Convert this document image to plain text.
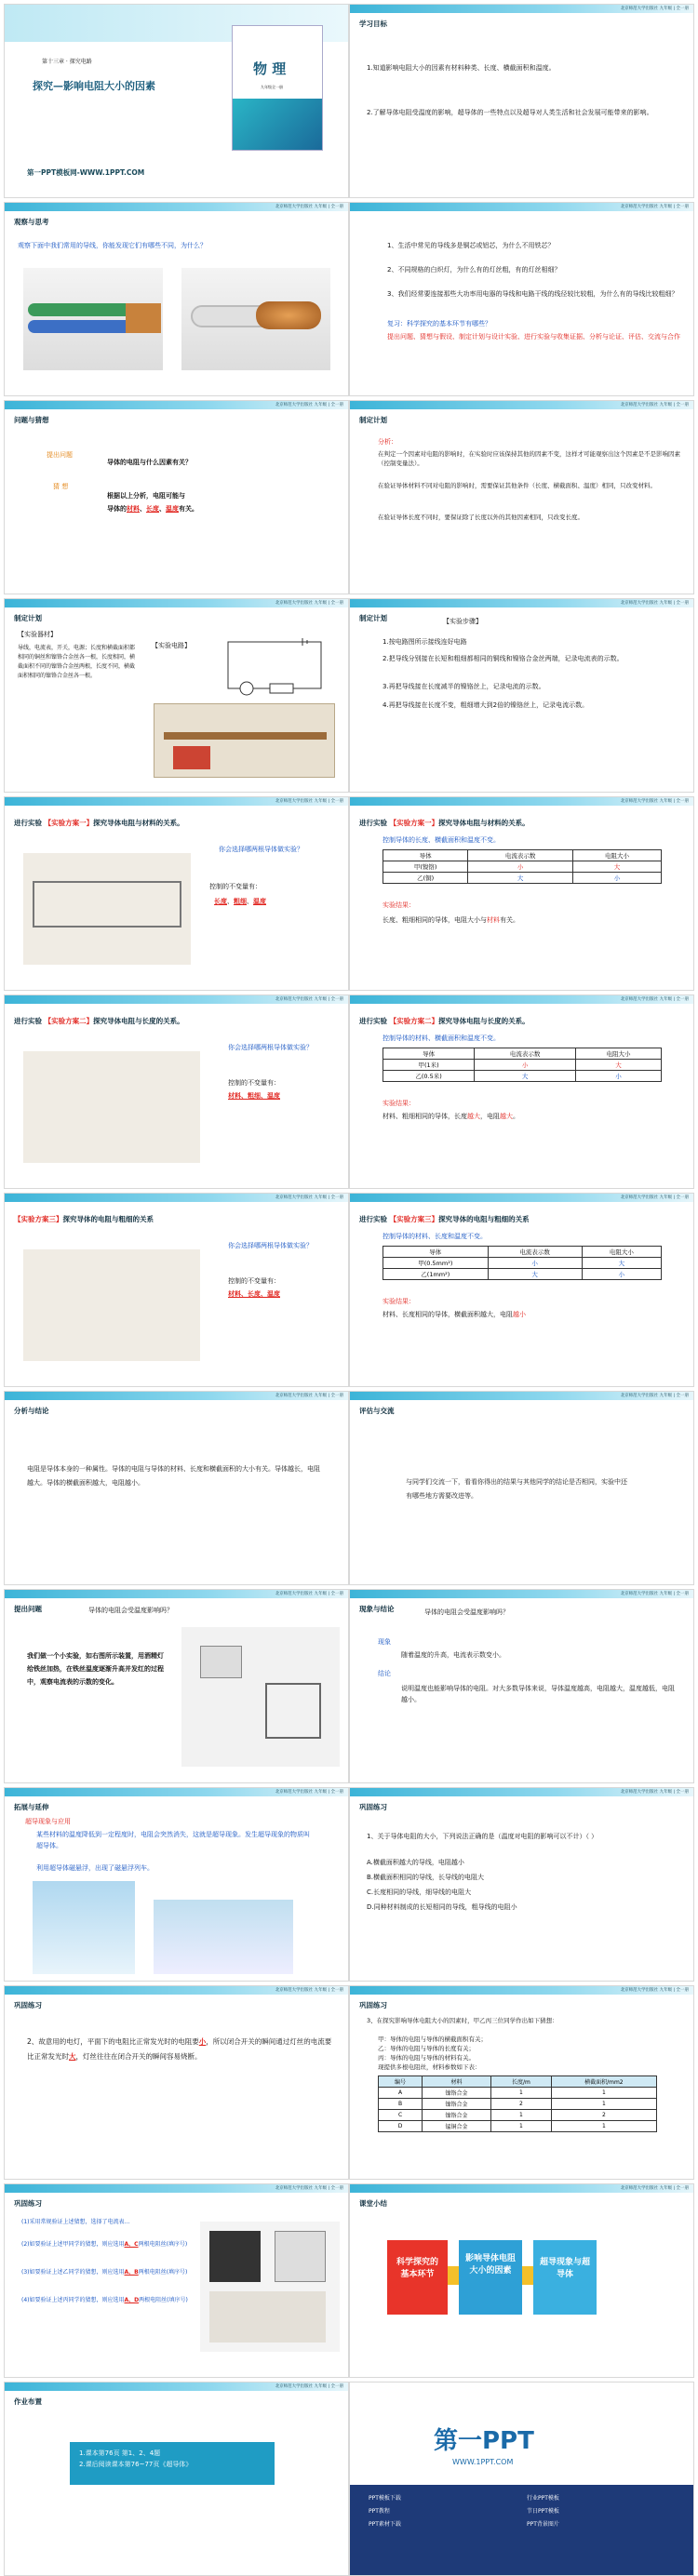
第十三章 · 探究电路
探究—影响电阻大小的因素
物 理
九年级全一册
第一PPT模板网-WWW.1PPT.COM
北京师范大学出版社 九年级 | 全一册
学习目标
1.知道影响电阻大小的因素有材料种类、长度、横截面积和温度。
2.了解导体电阻受温度的影响，超导体的一些特点以及超导对人类生活和社会发展可能带来的影响。
北京师范大学出版社 九年级 | 全一册
观察与思考
观察下面中我们常用的导线，你能发现它们有哪些不同，为什么？
北京师范大学出版社 九年级 | 全一册
1、生活中常见的导线多是铜芯或铝芯，为什么不用铁芯？
2、不同规格的白炽灯，为什么有的灯丝粗，有的灯丝相细？
3、我们经常要连接那些大功率用电器的导线和电路干线的线径较比较粗，为什么有的导线比较粗细？
复习：科学探究的基本环节有哪些？
提出问题、猜想与假设、制定计划与设计实验、进行实验与收集证据、分析与论证、评估、交流与合作
北京师范大学出版社 九年级 | 全一册
问题与猜想
提出问题
猜 想
导体的电阻与什么因素有关？
根据以上分析，电阻可能与
导体的材料、长度、温度有关。
北京师范大学出版社 九年级 | 全一册
制定计划
分析：
在判定一个因素对电阻的影响时，在实验时应该保持其他的因素不变，这样才可能观察出这个因素是不是影响因素（控制变量法）。
在验证导体材料不同对电阻的影响时，需要保证其他条件（长度、横截面积、温度）相同，只改变材料。
在验证导体长度不同时，要保证除了长度以外的其他因素相同，只改变长度。
北京师范大学出版社 九年级 | 全一册
制定计划
【实验器材】
导线，电流表，开关，电源；长度和横截面积都相同的铜丝和镍铬合金丝各一根，长度相同，横截面积不同的镍铬合金丝两根，长度不同，横截面积相同的镍铬合金丝各一根。
【实验电路】
北京师范大学出版社 九年级 | 全一册
制定计划	【实验步骤】
1.按电路图所示接线连好电路
2.把导线分别接在长短和粗细都相同的铜线和镍铬合金丝两端，记录电流表的示数。
3.再把导线接在长度减半的镍铬丝上，记录电流的示数。
4.再把导线接在长度不变，粗细增大到2倍的镍铬丝上，记录电流示数。
北京师范大学出版社 九年级 | 全一册
进行实验 【实验方案一】探究导体电阻与材料的关系。
你会选择哪两根导体做实验？
控制的不变量有：
长度、粗细、温度
北京师范大学出版社 九年级 | 全一册
进行实验 【实验方案一】探究导体电阻与材料的关系。
控制导体的长度、横截面积和温度不变。
导体	电流表示数	电阻大小
甲(镍铬)	小	大
乙(铜)	大	小
实验结果：
长度、粗细相同的导体，电阻大小与材料有关。
北京师范大学出版社 九年级 | 全一册
进行实验 【实验方案二】探究导体电阻与长度的关系。
你会选择哪两根导体做实验？
控制的不变量有：
材料、粗细、温度
北京师范大学出版社 九年级 | 全一册
进行实验 【实验方案二】探究导体电阻与长度的关系。
控制导体的材料、横截面积和温度不变。
导体	电流表示数	电阻大小
甲(1米)	小	大
乙(0.5米)	大	小
实验结果：
材料、粗细相同的导体，长度越大，电阻越大。
北京师范大学出版社 九年级 | 全一册
【实验方案三】探究导体的电阻与粗细的关系
你会选择哪两根导体做实验？
控制的不变量有：
材料、长度、温度
北京师范大学出版社 九年级 | 全一册
进行实验 【实验方案三】探究导体的电阻与粗细的关系
控制导体的材料、长度和温度不变。
导体	电流表示数	电阻大小
甲(0.5mm²)	小	大
乙(1mm²)	大	小
实验结果：
材料、长度相同的导体，横截面积越大，电阻越小
北京师范大学出版社 九年级 | 全一册
分析与结论
电阻是导体本身的一种属性。导体的电阻与导体的材料、长度和横截面积的大小有关。导体越长，电阻越大。导体的横截面积越大，电阻越小。
北京师范大学出版社 九年级 | 全一册
评估与交流
与同学们交流一下，看看你得出的结果与其他同学的结论是否相同，实验中还有哪些地方需要改进等。
北京师范大学出版社 九年级 | 全一册
提出问题	导体的电阻会受温度影响吗？
我们做一个小实验，如右图所示装置，用酒精灯给铁丝加热，在铁丝温度逐渐升高并发红的过程中，观察电流表的示数的变化。
北京师范大学出版社 九年级 | 全一册
现象与结论	导体的电阻会受温度影响吗？
现象
随着温度的升高，电流表示数变小。
结论
说明温度也能影响导体的电阻。对大多数导体来说，导体温度越高，电阻越大，温度越低，电阻越小。
北京师范大学出版社 九年级 | 全一册
拓展与延伸
超导现象与应用
某些材料的温度降低到一定程度时，电阻会突然消失，这就是超导现象。发生超导现象的物质叫超导体。
利用超导体磁悬浮，出现了磁悬浮列车。
北京师范大学出版社 九年级 | 全一册
巩固练习
1、关于导体电阻的大小，下列说法正确的是（温度对电阻的影响可以不计）（ ）
A.横截面积越大的导线，电阻越小
B.横截面积相同的导线，长导线的电阻大
C.长度相同的导线，细导线的电阻大
D.同种材料制成的长短相同的导线，粗导线的电阻小
北京师范大学出版社 九年级 | 全一册
巩固练习
2、故意用的电灯，平面下的电阻比正常发光时的电阻要小，所以闭合开关的瞬间通过灯丝的电流要比正常发光时大，灯丝往往在闭合开关的瞬间容易烧断。
北京师范大学出版社 九年级 | 全一册
巩固练习
3、在探究影响导体电阻大小的因素时，甲乙丙三位同学作出如下猜想：
甲：导体的电阻与导体的横截面积有关；
乙：导体的电阻与导体的长度有关；
丙：导体的电阻与导体的材料有关。
现提供多根电阻丝，材料参数如下表：
编号	材料	长度/m	横截面积/mm2
A	镍铬合金	1	1
B	镍铬合金	2	1
C	镍铬合金	1	2
D	锰铜合金	1	1
北京师范大学出版社 九年级 | 全一册
巩固练习
(1)采用常规验证上述猜想，选择了电流表...
(2)如要验证上述甲同学的猜想，则应选用A、C两根电阻丝(填序号)
(3)如要验证上述乙同学的猜想，则应选用A、B两根电阻丝(填序号)
(4)如要验证上述丙同学的猜想，则应选用A、D两根电阻丝(填序号)
北京师范大学出版社 九年级 | 全一册
课堂小结
科学探究的基本环节
影响导体电阻大小的因素
超导现象与超导体
北京师范大学出版社 九年级 | 全一册
作业布置
1.课本第76页 第1、2、4题
2.课后阅读课本第76~77页《超导体》
第一PPT
WWW.1PPT.COM
PPT模板下载
PPT教程
PPT素材下载
行业PPT模板
节日PPT模板
PPT背景图片
